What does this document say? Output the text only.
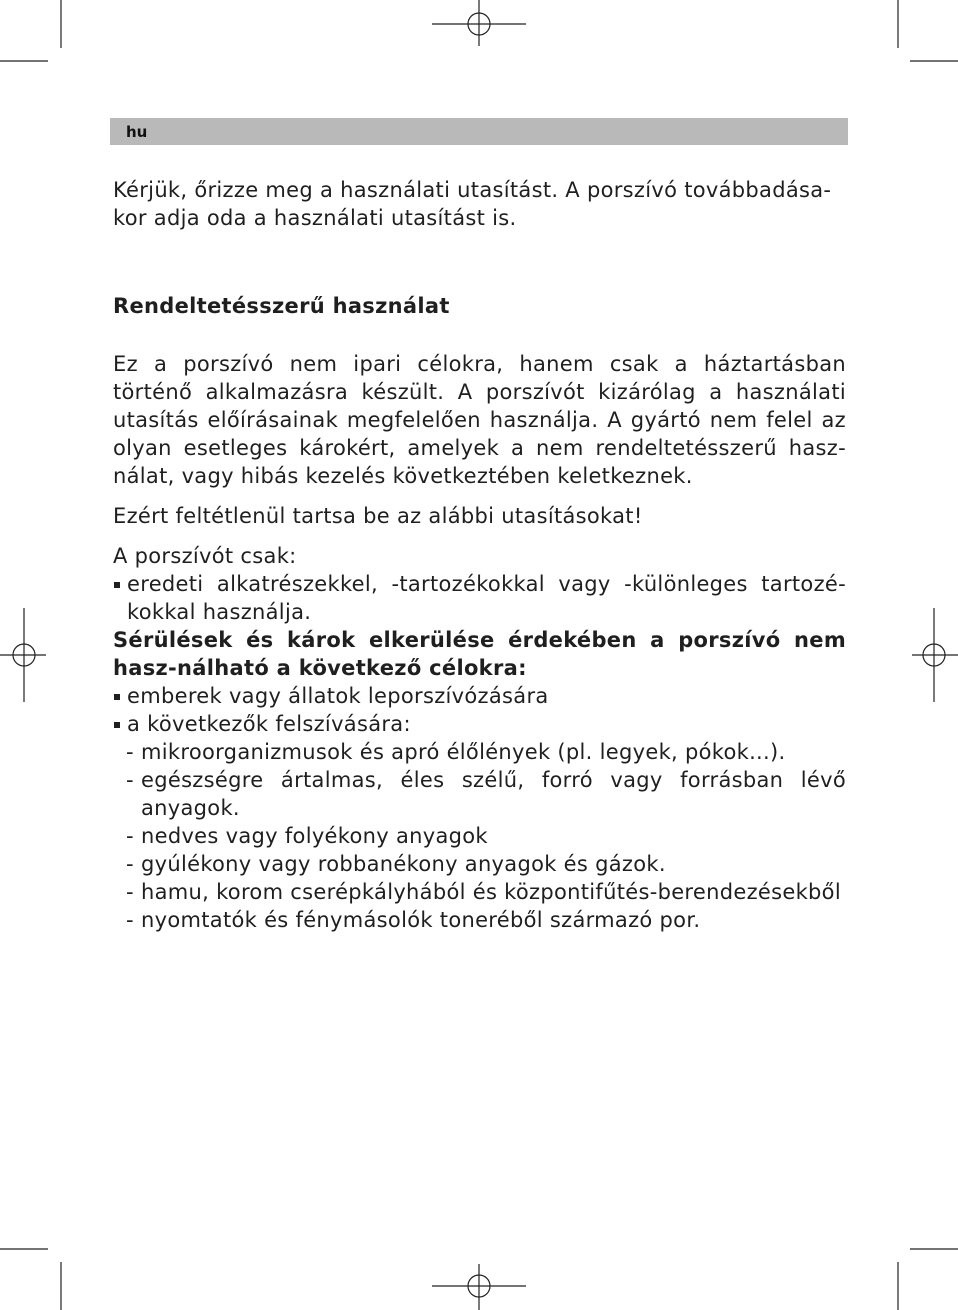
hu

Kérjük, őrizze meg a használati utasítást. A porszívó továbbadása-kor adja oda a használati utasítást is.

Rendeltetésszerű használat

Ez a porszívó nem ipari célokra, hanem csak a háztartásban történő alkalmazásra készült. A porszívót kizárólag a használati utasítás előírásainak megfelelően használja. A gyártó nem felel az olyan esetleges károkért, amelyek a nem rendeltetésszerű hasz-nálat, vagy hibás kezelés következtében keletkeznek.

Ezért feltétlenül tartsa be az alábbi utasításokat!

A porszívót csak:

eredeti alkatrészekkel, -tartozékokkal vagy -különleges tartozé-kokkal használja.

Sérülések és károk elkerülése érdekében a porszívó nem hasz-nálható a következő célokra:

emberek vagy állatok leporszívózására
a következők felszívására:
- mikroorganizmusok és apró élőlények (pl. legyek, pókok...).
- egészségre ártalmas, éles szélű, forró vagy forrásban lévő anyagok.
- nedves vagy folyékony anyagok
- gyúlékony vagy robbanékony anyagok és gázok.
- hamu, korom cserépkályhából és központifűtés-berendezésekből
- nyomtatók és fénymásolók toneréből származó por.
